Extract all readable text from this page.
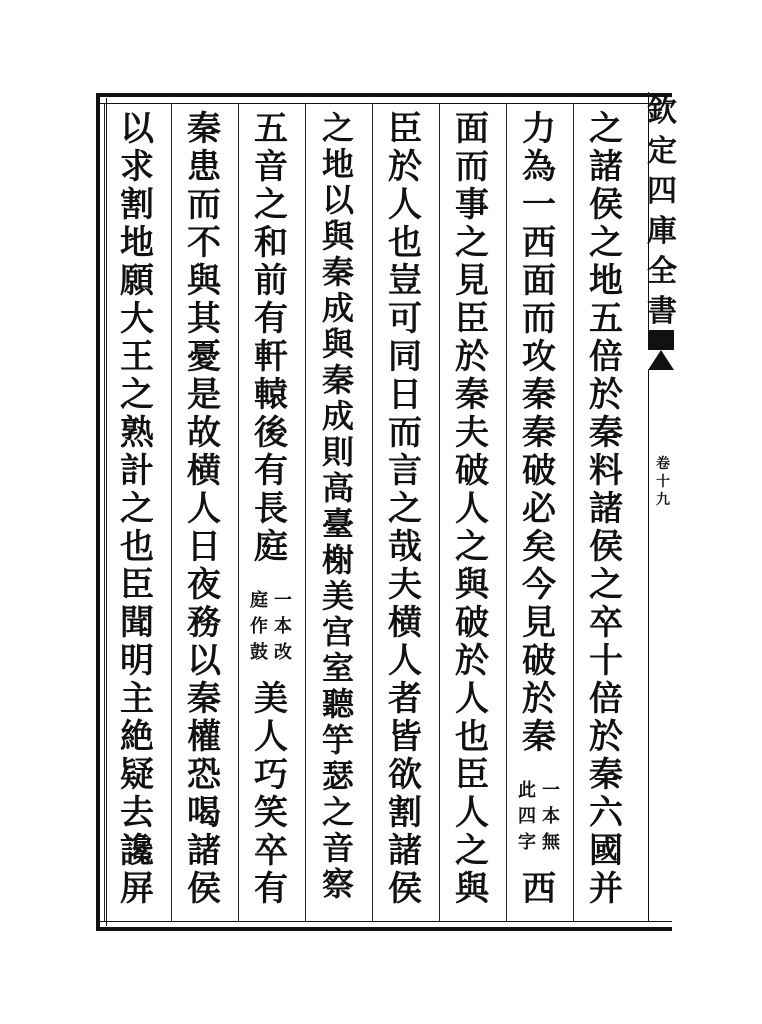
欽
定
四
庫
全
書
卷
十
九
之
諸
侯
之
地
五
倍
於
秦
料
諸
侯
之
卒
十
倍
於
秦
六
國
并
力
為
一
西
面
而
攻
秦
秦
破
必
矣
今
見
破
於
秦
一
本
無
此
四
字
西
面
而
事
之
見
臣
於
秦
夫
破
人
之
與
破
於
人
也
臣
人
之
與
臣
於
人
也
豈
可
同
日
而
言
之
哉
夫
横
人
者
皆
欲
割
諸
侯
之
地
以
與
秦
成
與
秦
成
則
高
臺
榭
美
宫
室
聽
竽
瑟
之
音
察
五
音
之
和
前
有
軒
轅
後
有
長
庭
一
本
改
庭
作
鼓
美
人
巧
笑
卒
有
秦
患
而
不
與
其
憂
是
故
横
人
日
夜
務
以
秦
權
恐
喝
諸
侯
以
求
割
地
願
大
王
之
熟
計
之
也
臣
聞
明
主
絶
疑
去
讒
屏
